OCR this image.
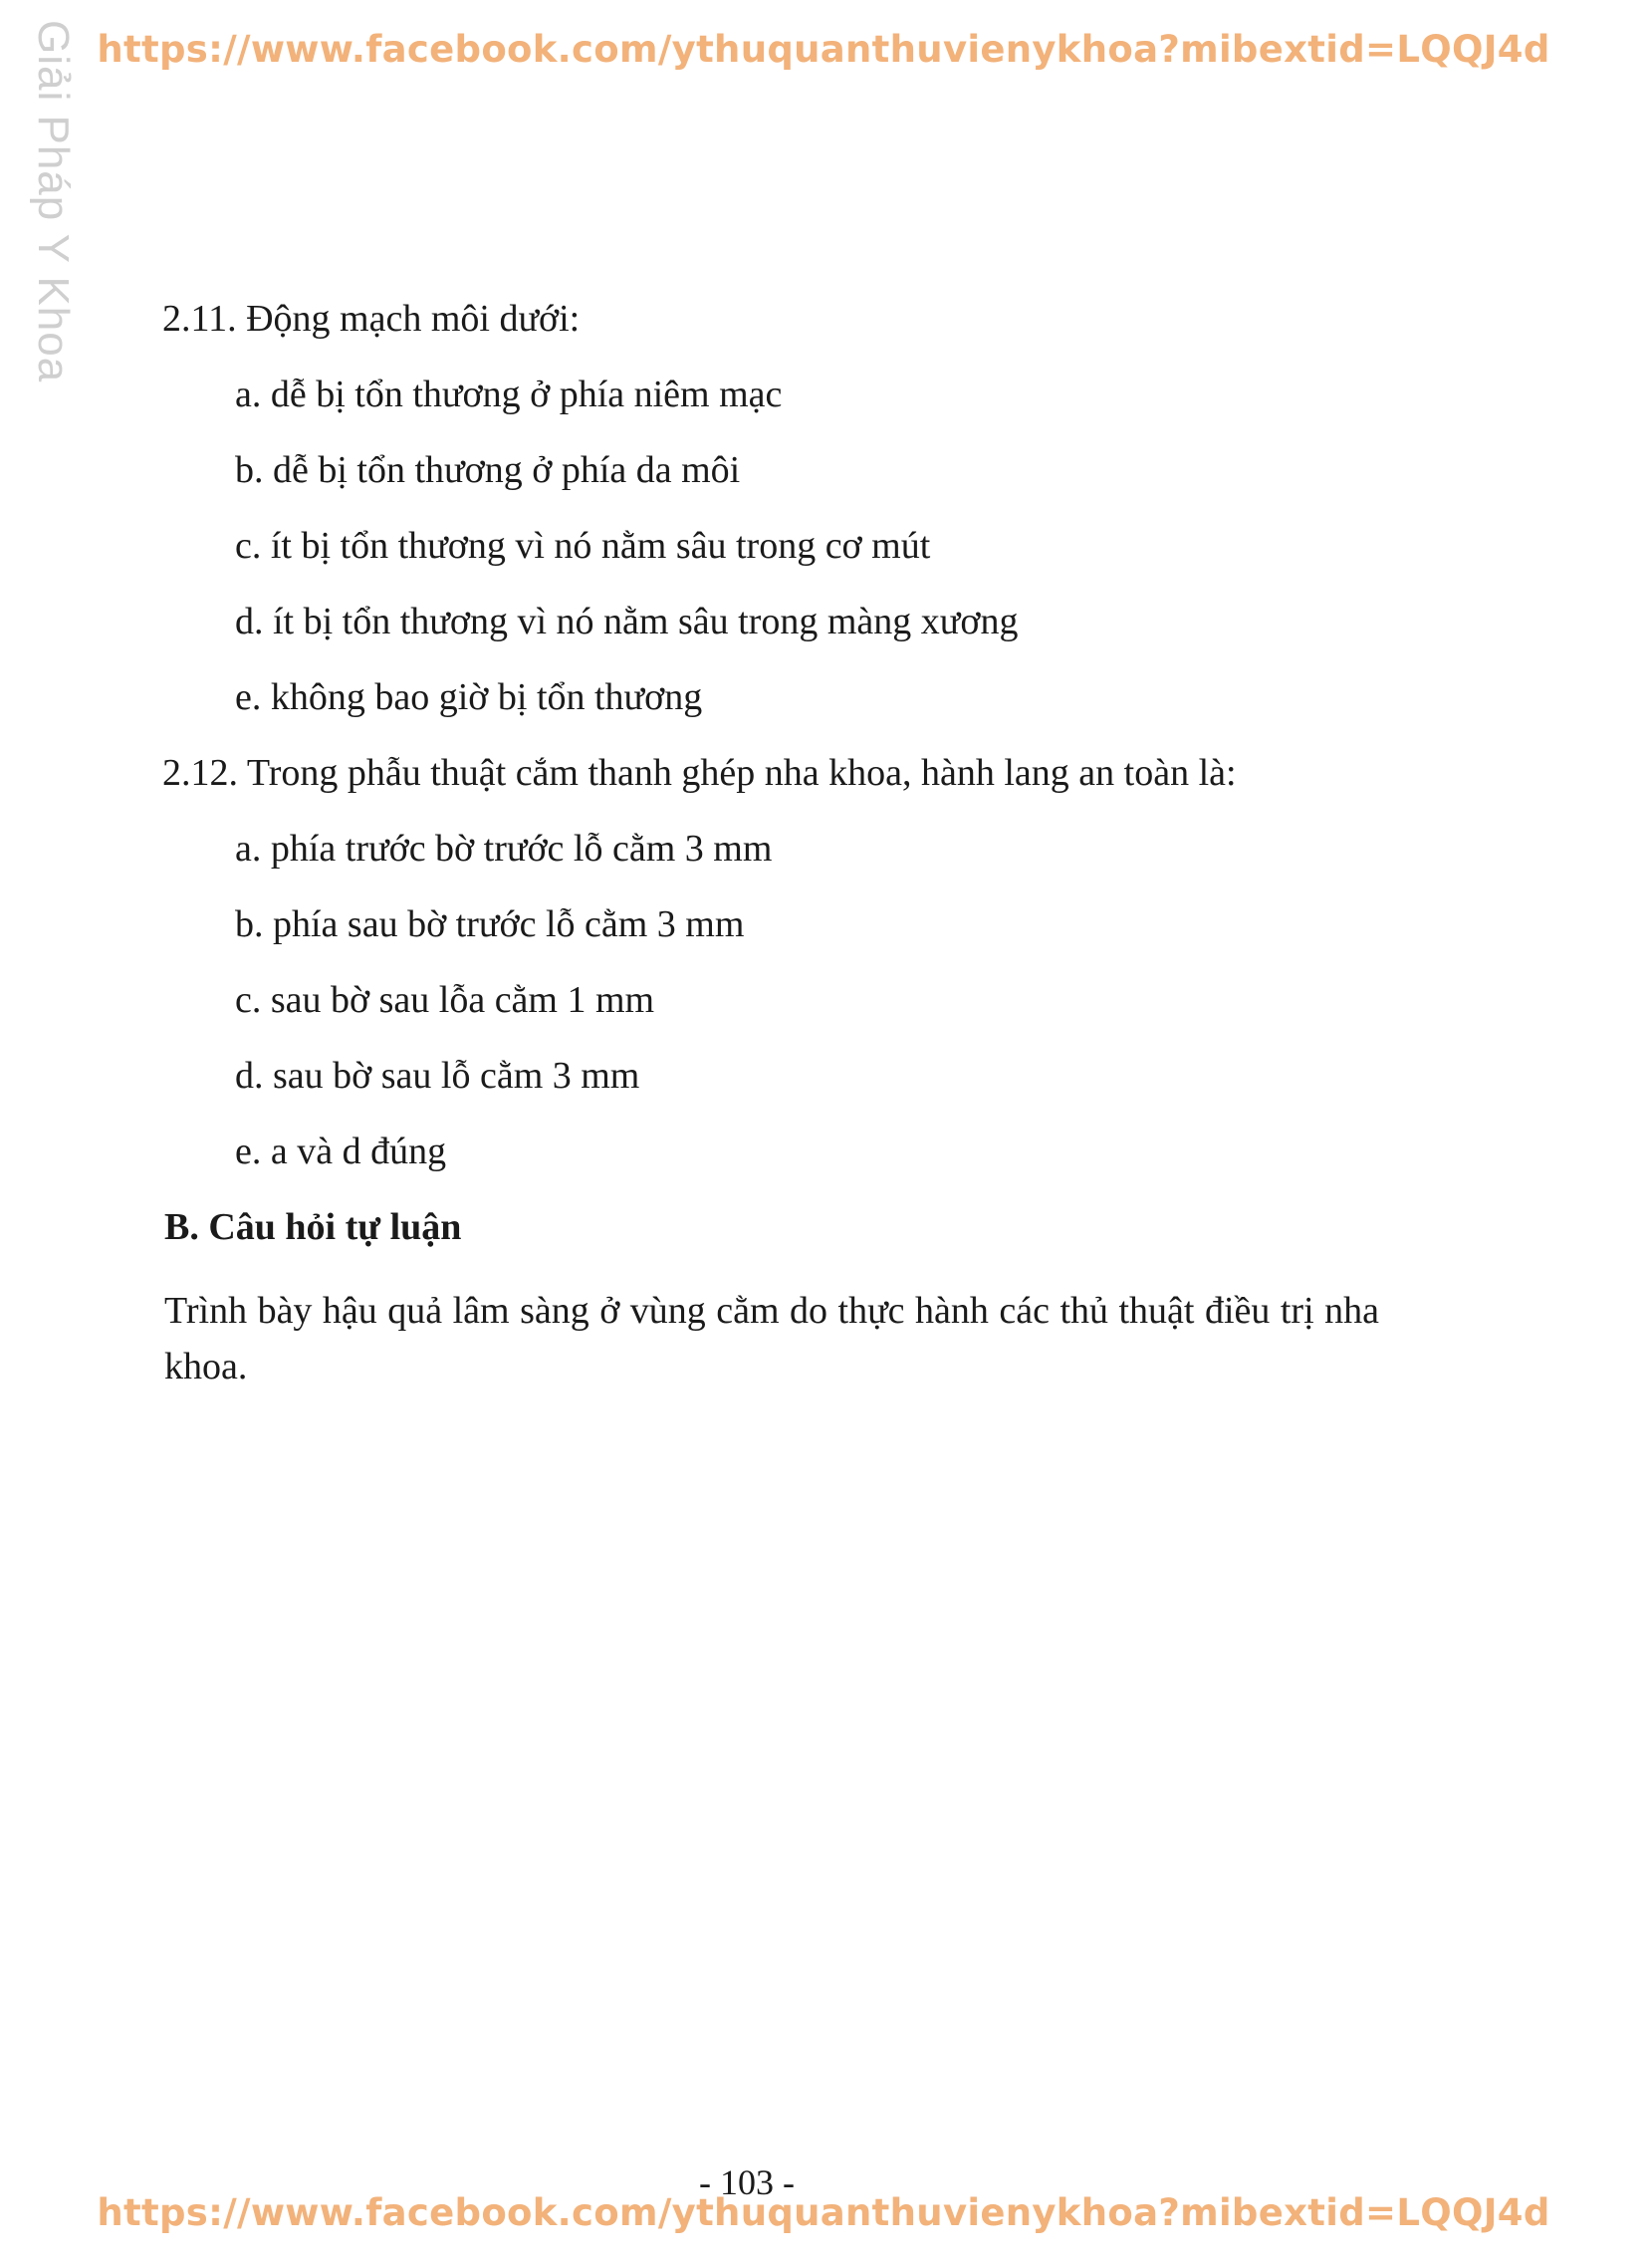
Giải Pháp Y Khoa https://www.facebook.com/ythuquanthuvienykhoa?mibextid=LQQJ4d
2.11. Động mạch môi dưới:
a. dễ bị tổn thương ở phía niêm mạc
b. dễ bị tổn thương ở phía da môi
c. ít bị tổn thương vì nó nằm sâu trong cơ mút
d. ít bị tổn thương vì nó nằm sâu trong màng xương
e. không bao giờ bị tổn thương
2.12. Trong phẫu thuật cắm thanh ghép nha khoa, hành lang an toàn là:
a. phía trước bờ trước lỗ cằm 3 mm
b. phía sau bờ trước lỗ cằm 3 mm
c. sau bờ sau lỗa cằm 1 mm
d. sau bờ sau lỗ cằm 3 mm
e. a và d đúng
B. Câu hỏi tự luận
Trình bày hậu quả lâm sàng ở vùng cằm do thực hành các thủ thuật điều trị nha khoa.
- 103 -
https://www.facebook.com/ythuquanthuvienykhoa?mibextid=LQQJ4d
